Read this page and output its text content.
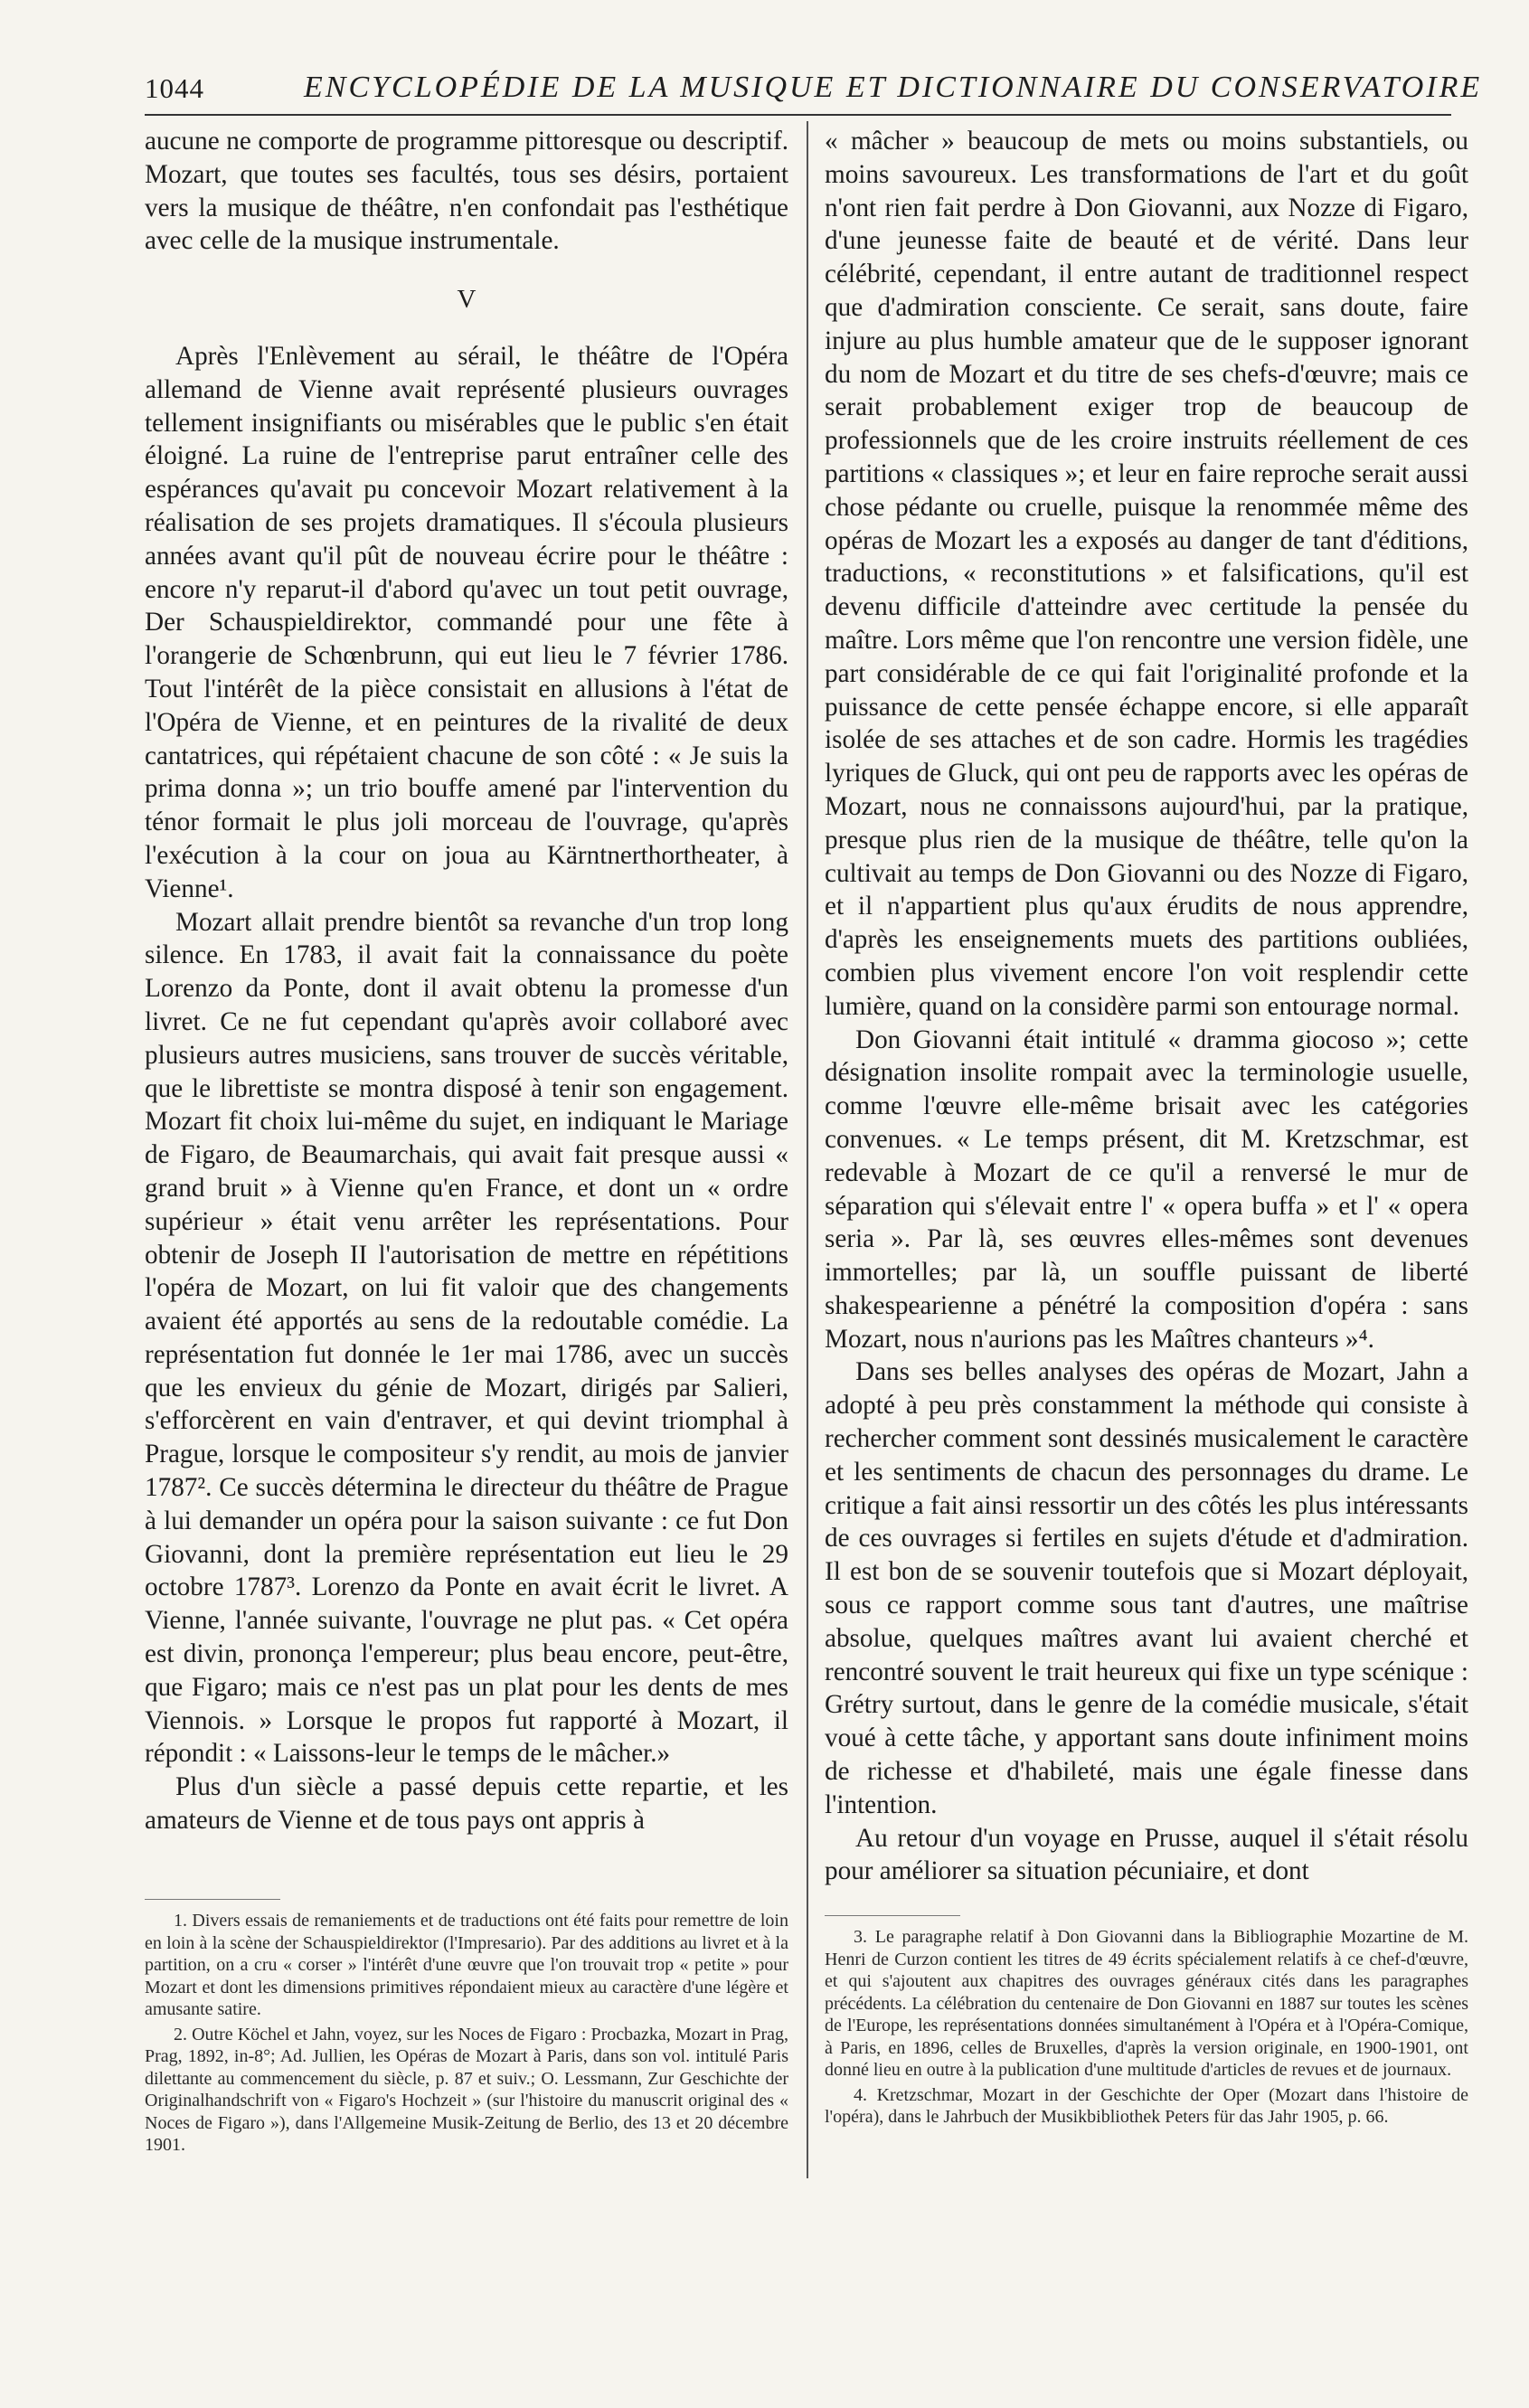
1044	ENCYCLOPÉDIE DE LA MUSIQUE ET DICTIONNAIRE DU CONSERVATOIRE

aucune ne comporte de programme pittoresque ou descriptif. Mozart, que toutes ses facultés, tous ses désirs, portaient vers la musique de théâtre, n'en confondait pas l'esthétique avec celle de la musique instrumentale.

V

Après l'Enlèvement au sérail, le théâtre de l'Opéra allemand de Vienne avait représenté plusieurs ouvrages tellement insignifiants ou misérables que le public s'en était éloigné. La ruine de l'entreprise parut entraîner celle des espérances qu'avait pu concevoir Mozart relativement à la réalisation de ses projets dramatiques. Il s'écoula plusieurs années avant qu'il pût de nouveau écrire pour le théâtre : encore n'y reparut-il d'abord qu'avec un tout petit ouvrage, Der Schauspieldirektor, commandé pour une fête à l'orangerie de Schœnbrunn, qui eut lieu le 7 février 1786. Tout l'intérêt de la pièce consistait en allusions à l'état de l'Opéra de Vienne, et en peintures de la rivalité de deux cantatrices, qui répétaient chacune de son côté : « Je suis la prima donna »; un trio bouffe amené par l'intervention du ténor formait le plus joli morceau de l'ouvrage, qu'après l'exécution à la cour on joua au Kärntnerthortheater, à Vienne¹.

Mozart allait prendre bientôt sa revanche d'un trop long silence. En 1783, il avait fait la connaissance du poète Lorenzo da Ponte, dont il avait obtenu la promesse d'un livret. Ce ne fut cependant qu'après avoir collaboré avec plusieurs autres musiciens, sans trouver de succès véritable, que le librettiste se montra disposé à tenir son engagement. Mozart fit choix lui-même du sujet, en indiquant le Mariage de Figaro, de Beaumarchais, qui avait fait presque aussi « grand bruit » à Vienne qu'en France, et dont un « ordre supérieur » était venu arrêter les représentations. Pour obtenir de Joseph II l'autorisation de mettre en répétitions l'opéra de Mozart, on lui fit valoir que des changements avaient été apportés au sens de la redoutable comédie. La représentation fut donnée le 1er mai 1786, avec un succès que les envieux du génie de Mozart, dirigés par Salieri, s'efforcèrent en vain d'entraver, et qui devint triomphal à Prague, lorsque le compositeur s'y rendit, au mois de janvier 1787². Ce succès détermina le directeur du théâtre de Prague à lui demander un opéra pour la saison suivante : ce fut Don Giovanni, dont la première représentation eut lieu le 29 octobre 1787³. Lorenzo da Ponte en avait écrit le livret. A Vienne, l'année suivante, l'ouvrage ne plut pas. « Cet opéra est divin, prononça l'empereur; plus beau encore, peut-être, que Figaro; mais ce n'est pas un plat pour les dents de mes Viennois. » Lorsque le propos fut rapporté à Mozart, il répondit : « Laissons-leur le temps de le mâcher.»

Plus d'un siècle a passé depuis cette repartie, et les amateurs de Vienne et de tous pays ont appris à

« mâcher » beaucoup de mets ou moins substantiels, ou moins savoureux. Les transformations de l'art et du goût n'ont rien fait perdre à Don Giovanni, aux Nozze di Figaro, d'une jeunesse faite de beauté et de vérité. Dans leur célébrité, cependant, il entre autant de traditionnel respect que d'admiration consciente. Ce serait, sans doute, faire injure au plus humble amateur que de le supposer ignorant du nom de Mozart et du titre de ses chefs-d'œuvre; mais ce serait probablement exiger trop de beaucoup de professionnels que de les croire instruits réellement de ces partitions « classiques »; et leur en faire reproche serait aussi chose pédante ou cruelle, puisque la renommée même des opéras de Mozart les a exposés au danger de tant d'éditions, traductions, « reconstitutions » et falsifications, qu'il est devenu difficile d'atteindre avec certitude la pensée du maître. Lors même que l'on rencontre une version fidèle, une part considérable de ce qui fait l'originalité profonde et la puissance de cette pensée échappe encore, si elle apparaît isolée de ses attaches et de son cadre. Hormis les tragédies lyriques de Gluck, qui ont peu de rapports avec les opéras de Mozart, nous ne connaissons aujourd'hui, par la pratique, presque plus rien de la musique de théâtre, telle qu'on la cultivait au temps de Don Giovanni ou des Nozze di Figaro, et il n'appartient plus qu'aux érudits de nous apprendre, d'après les enseignements muets des partitions oubliées, combien plus vivement encore l'on voit resplendir cette lumière, quand on la considère parmi son entourage normal.

Don Giovanni était intitulé « dramma giocoso »; cette désignation insolite rompait avec la terminologie usuelle, comme l'œuvre elle-même brisait avec les catégories convenues. « Le temps présent, dit M. Kretzschmar, est redevable à Mozart de ce qu'il a renversé le mur de séparation qui s'élevait entre l' « opera buffa » et l' « opera seria ». Par là, ses œuvres elles-mêmes sont devenues immortelles; par là, un souffle puissant de liberté shakespearienne a pénétré la composition d'opéra : sans Mozart, nous n'aurions pas les Maîtres chanteurs »⁴.

Dans ses belles analyses des opéras de Mozart, Jahn a adopté à peu près constamment la méthode qui consiste à rechercher comment sont dessinés musicalement le caractère et les sentiments de chacun des personnages du drame. Le critique a fait ainsi ressortir un des côtés les plus intéressants de ces ouvrages si fertiles en sujets d'étude et d'admiration. Il est bon de se souvenir toutefois que si Mozart déployait, sous ce rapport comme sous tant d'autres, une maîtrise absolue, quelques maîtres avant lui avaient cherché et rencontré souvent le trait heureux qui fixe un type scénique : Grétry surtout, dans le genre de la comédie musicale, s'était voué à cette tâche, y apportant sans doute infiniment moins de richesse et d'habileté, mais une égale finesse dans l'intention.

Au retour d'un voyage en Prusse, auquel il s'était résolu pour améliorer sa situation pécuniaire, et dont

1. Divers essais de remaniements et de traductions ont été faits pour remettre de loin en loin à la scène der Schauspieldirektor (l'Impresario). Par des additions au livret et à la partition, on a cru « corser » l'intérêt d'une œuvre que l'on trouvait trop « petite » pour Mozart et dont les dimensions primitives répondaient mieux au caractère d'une légère et amusante satire.

2. Outre Köchel et Jahn, voyez, sur les Noces de Figaro : Procbazka, Mozart in Prag, Prag, 1892, in-8°; Ad. Jullien, les Opéras de Mozart à Paris, dans son vol. intitulé Paris dilettante au commencement du siècle, p. 87 et suiv.; O. Lessmann, Zur Geschichte der Originalhandschrift von « Figaro's Hochzeit » (sur l'histoire du manuscrit original des « Noces de Figaro »), dans l'Allgemeine Musik-Zeitung de Berlio, des 13 et 20 décembre 1901.

3. Le paragraphe relatif à Don Giovanni dans la Bibliographie Mozartine de M. Henri de Curzon contient les titres de 49 écrits spécialement relatifs à ce chef-d'œuvre, et qui s'ajoutent aux chapitres des ouvrages généraux cités dans les paragraphes précédents. La célébration du centenaire de Don Giovanni en 1887 sur toutes les scènes de l'Europe, les représentations données simultanément à l'Opéra et à l'Opéra-Comique, à Paris, en 1896, celles de Bruxelles, d'après la version originale, en 1900-1901, ont donné lieu en outre à la publication d'une multitude d'articles de revues et de journaux.

4. Kretzschmar, Mozart in der Geschichte der Oper (Mozart dans l'histoire de l'opéra), dans le Jahrbuch der Musikbibliothek Peters für das Jahr 1905, p. 66.
